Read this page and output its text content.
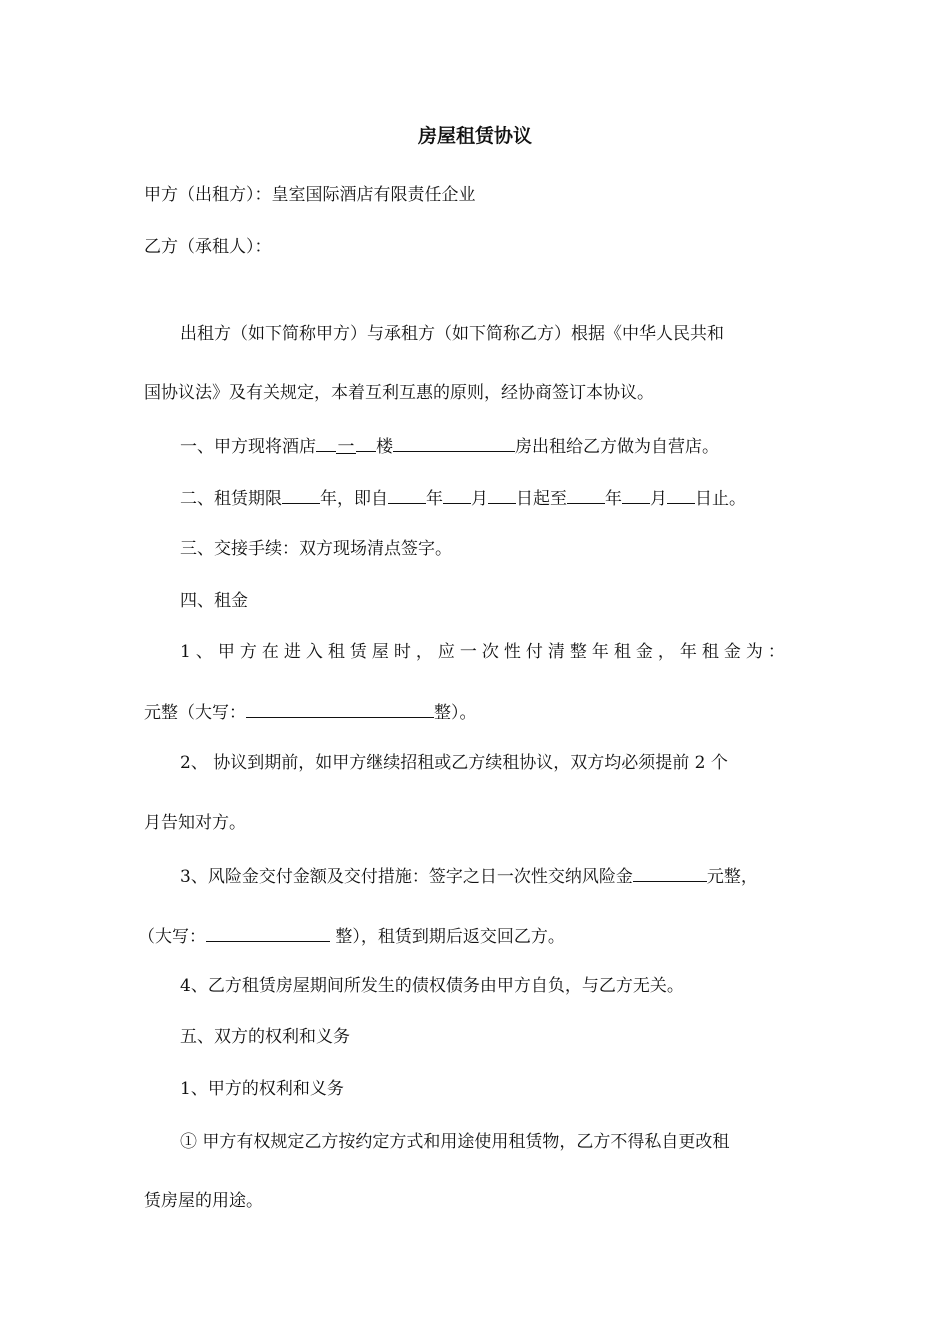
房屋租赁协议
甲方（出租方）：皇室国际酒店有限责任企业
乙方（承租人）：
出租方（如下简称甲方）与承租方（如下简称乙方）根据《中华人民共和
国协议法》及有关规定，本着互利互惠的原则，经协商签订本协议。
一、甲方现将酒店 一 楼	房出租给乙方做为自营店。
二、租赁期限 年，即自 年 月 日起至 年 月 日止。
三、交接手续：双方现场清点签字。
四、租金
1、甲方在进入租赁屋时，应一次性付清整年租金，年租金为：
元整（大写：	整）。
2、 协议到期前，如甲方继续招租或乙方续租协议，双方均必须提前 2 个
月告知对方。
3、风险金交付金额及交付措施：签字之日一次性交纳风险金	元整，
（大写：	整），租赁到期后返交回乙方。
4、乙方租赁房屋期间所发生的债权债务由甲方自负，与乙方无关。
五、双方的权利和义务
1、甲方的权利和义务
① 甲方有权规定乙方按约定方式和用途使用租赁物，乙方不得私自更改租
赁房屋的用途。
